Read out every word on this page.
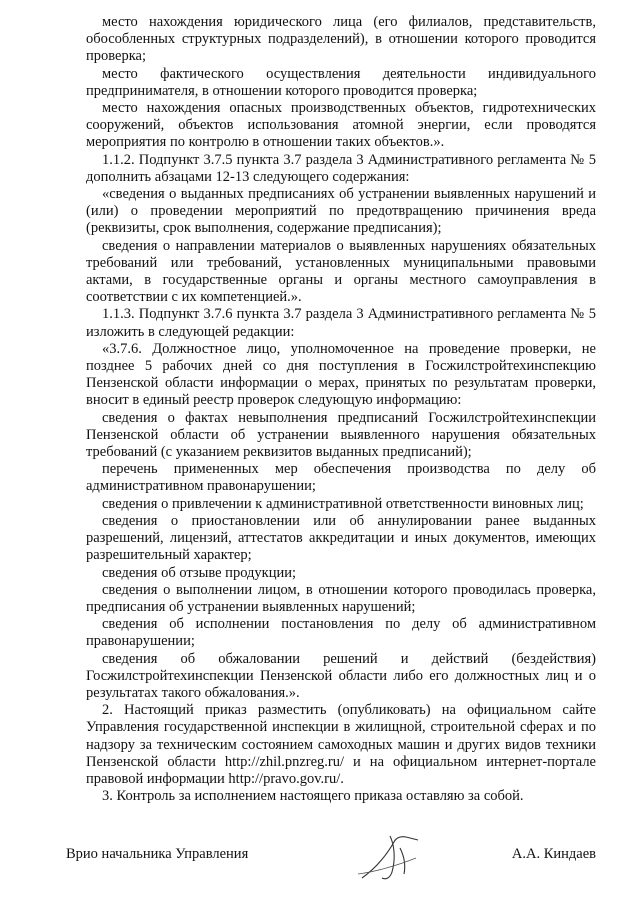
место нахождения юридического лица (его филиалов, представительств, обособленных структурных подразделений), в отношении которого проводится проверка;

место фактического осуществления деятельности индивидуального предпринимателя, в отношении которого проводится проверка;

место нахождения опасных производственных объектов, гидротехнических сооружений, объектов использования атомной энергии, если проводятся мероприятия по контролю в отношении таких объектов.».

1.1.2. Подпункт 3.7.5 пункта 3.7 раздела 3 Административного регламента № 5 дополнить абзацами 12-13 следующего содержания:

«сведения о выданных предписаниях об устранении выявленных нарушений и (или) о проведении мероприятий по предотвращению причинения вреда (реквизиты, срок выполнения, содержание предписания);

сведения о направлении материалов о выявленных нарушениях обязательных требований или требований, установленных муниципальными правовыми актами, в государственные органы и органы местного самоуправления в соответствии с их компетенцией.».

1.1.3. Подпункт 3.7.6 пункта 3.7 раздела 3 Административного регламента № 5 изложить в следующей редакции:

«3.7.6. Должностное лицо, уполномоченное на проведение проверки, не позднее 5 рабочих дней со дня поступления в Госжилстройтехинспекцию Пензенской области информации о мерах, принятых по результатам проверки, вносит в единый реестр проверок следующую информацию:

сведения о фактах невыполнения предписаний Госжилстройтехинспекции Пензенской области об устранении выявленного нарушения обязательных требований (с указанием реквизитов выданных предписаний);

перечень примененных мер обеспечения производства по делу об административном правонарушении;

сведения о привлечении к административной ответственности виновных лиц;

сведения о приостановлении или об аннулировании ранее выданных разрешений, лицензий, аттестатов аккредитации и иных документов, имеющих разрешительный характер;

сведения об отзыве продукции;

сведения о выполнении лицом, в отношении которого проводилась проверка, предписания об устранении выявленных нарушений;

сведения об исполнении постановления по делу об административном правонарушении;

сведения об обжаловании решений и действий (бездействия) Госжилстройтехинспекции Пензенской области либо его должностных лиц и о результатах такого обжалования.».

2. Настоящий приказ разместить (опубликовать) на официальном сайте Управления государственной инспекции в жилищной, строительной сферах и по надзору за техническим состоянием самоходных машин и других видов техники Пензенской области http://zhil.pnzreg.ru/ и на официальном интернет-портале правовой информации http://pravo.gov.ru/.

3. Контроль за исполнением настоящего приказа оставляю за собой.

Врио начальника Управления	А.А. Киндаев
